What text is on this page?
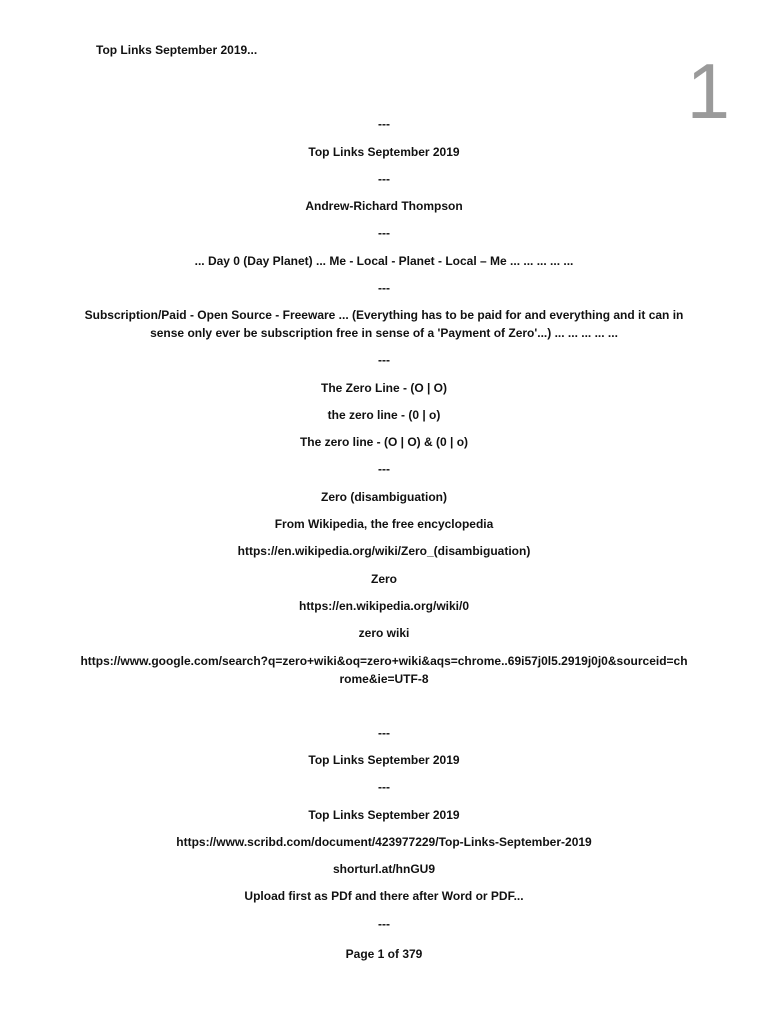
Top Links September 2019...	1
---
Top Links September 2019
---
Andrew-Richard Thompson
---
... Day 0 (Day Planet) ... Me - Local - Planet - Local – Me ... ... ... ... ...
---
Subscription/Paid - Open Source - Freeware ... (Everything has to be paid for and everything and it can in sense only ever be subscription free in sense of a 'Payment of Zero'...) ... ... ... ... ...
---
The Zero Line - (O | O)
the zero line - (0 | o)
The zero line - (O | O) & (0 | o)
---
Zero (disambiguation)
From Wikipedia, the free encyclopedia
https://en.wikipedia.org/wiki/Zero_(disambiguation)
Zero
https://en.wikipedia.org/wiki/0
zero wiki
https://www.google.com/search?q=zero+wiki&oq=zero+wiki&aqs=chrome..69i57j0l5.2919j0j0&sourceid=chrome&ie=UTF-8
---
Top Links September 2019
---
Top Links September 2019
https://www.scribd.com/document/423977229/Top-Links-September-2019
shorturl.at/hnGU9
Upload first as PDf and there after Word or PDF...
---
Page 1 of 379
